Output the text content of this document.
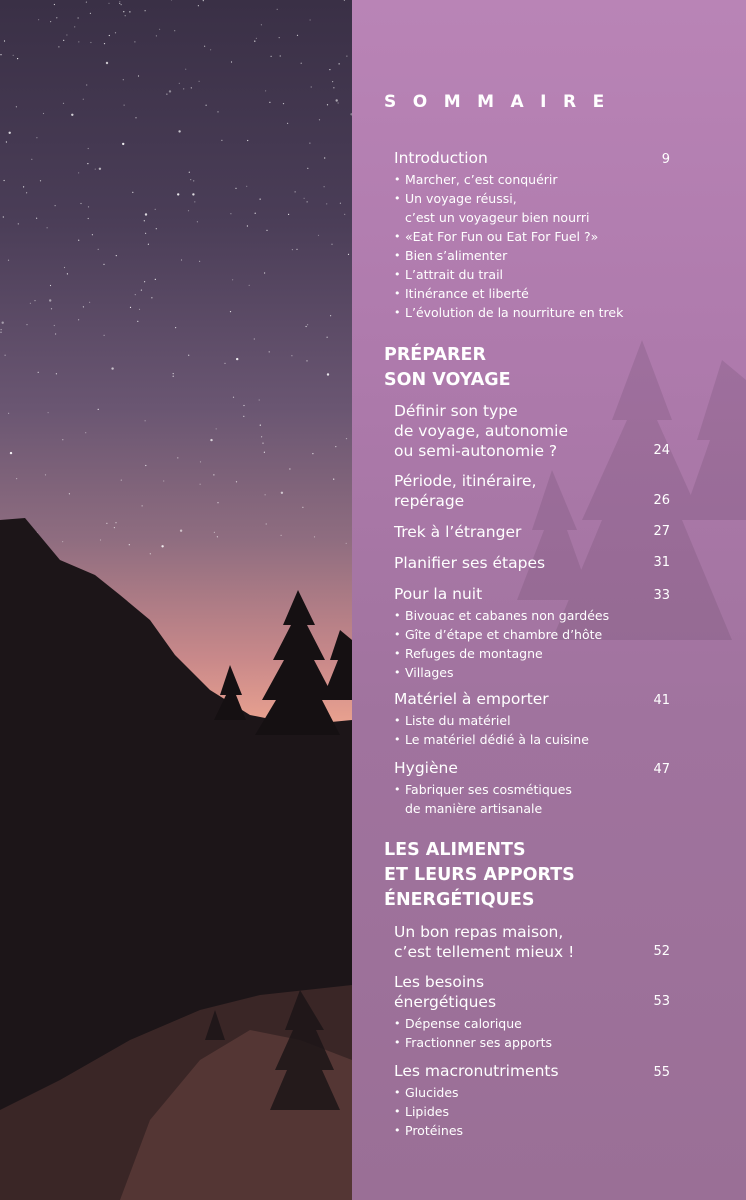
SOMMAIRE
Introduction	9
• Marcher, c’est conquérir
• Un voyage réussi,
c’est un voyageur bien nourri
• «Eat For Fun ou Eat For Fuel ?»
• Bien s’alimenter
• L’attrait du trail
• Itinérance et liberté
• L’évolution de la nourriture en trek
PRÉPARER
SON VOYAGE
Définir son type
de voyage, autonomie
ou semi-autonomie ?	24
Période, itinéraire,
repérage	26
Trek à l’étranger	27
Planifier ses étapes	31
Pour la nuit	33
• Bivouac et cabanes non gardées
• Gîte d’étape et chambre d’hôte
• Refuges de montagne
• Villages
Matériel à emporter	41
• Liste du matériel
• Le matériel dédié à la cuisine
Hygiène	47
• Fabriquer ses cosmétiques
de manière artisanale
LES ALIMENTS
ET LEURS APPORTS
ÉNERGÉTIQUES
Un bon repas maison,
c’est tellement mieux !	52
Les besoins
énergétiques	53
• Dépense calorique
• Fractionner ses apports
Les macronutriments	55
• Glucides
• Lipides
• Protéines
